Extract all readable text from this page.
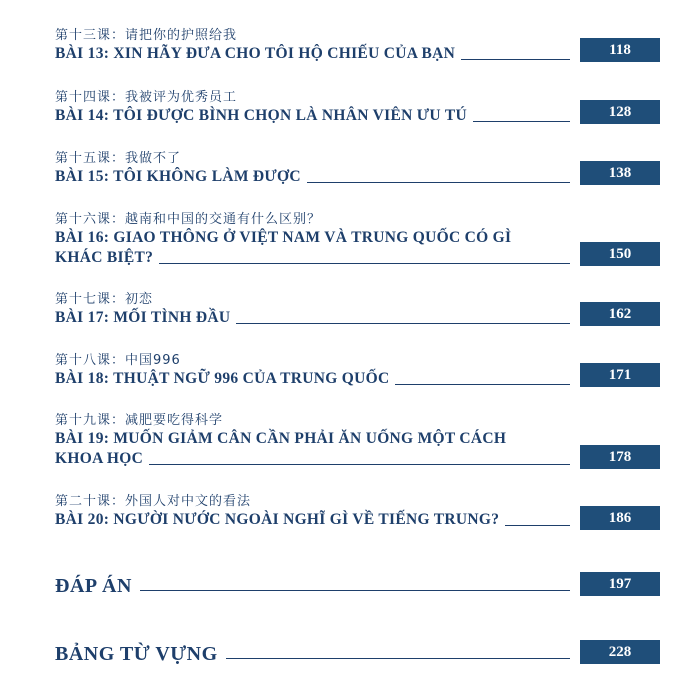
第十三课：请把你的护照给我
BÀI 13: XIN HÃY ĐƯA CHO TÔI HỘ CHIẾU CỦA BẠN	118
第十四课：我被评为优秀员工
BÀI 14: TÔI ĐƯỢC BÌNH CHỌN LÀ NHÂN VIÊN ƯU TÚ	128
第十五课：我做不了
BÀI 15: TÔI KHÔNG LÀM ĐƯỢC	138
第十六课：越南和中国的交通有什么区别？
BÀI 16: GIAO THÔNG Ở VIỆT NAM VÀ TRUNG QUỐC CÓ GÌ
KHÁC BIỆT?	150
第十七课：初恋
BÀI 17: MỐI TÌNH ĐẦU	162
第十八课：中国996
BÀI 18: THUẬT NGỮ 996 CỦA TRUNG QUỐC	171
第十九课：减肥要吃得科学
BÀI 19: MUỐN GIẢM CÂN CẦN PHẢI ĂN UỐNG MỘT CÁCH
KHOA HỌC	178
第二十课：外国人对中文的看法
BÀI 20: NGƯỜI NƯỚC NGOÀI NGHĨ GÌ VỀ TIẾNG TRUNG?	186
ĐÁP ÁN	197
BẢNG TỪ VỰNG	228
